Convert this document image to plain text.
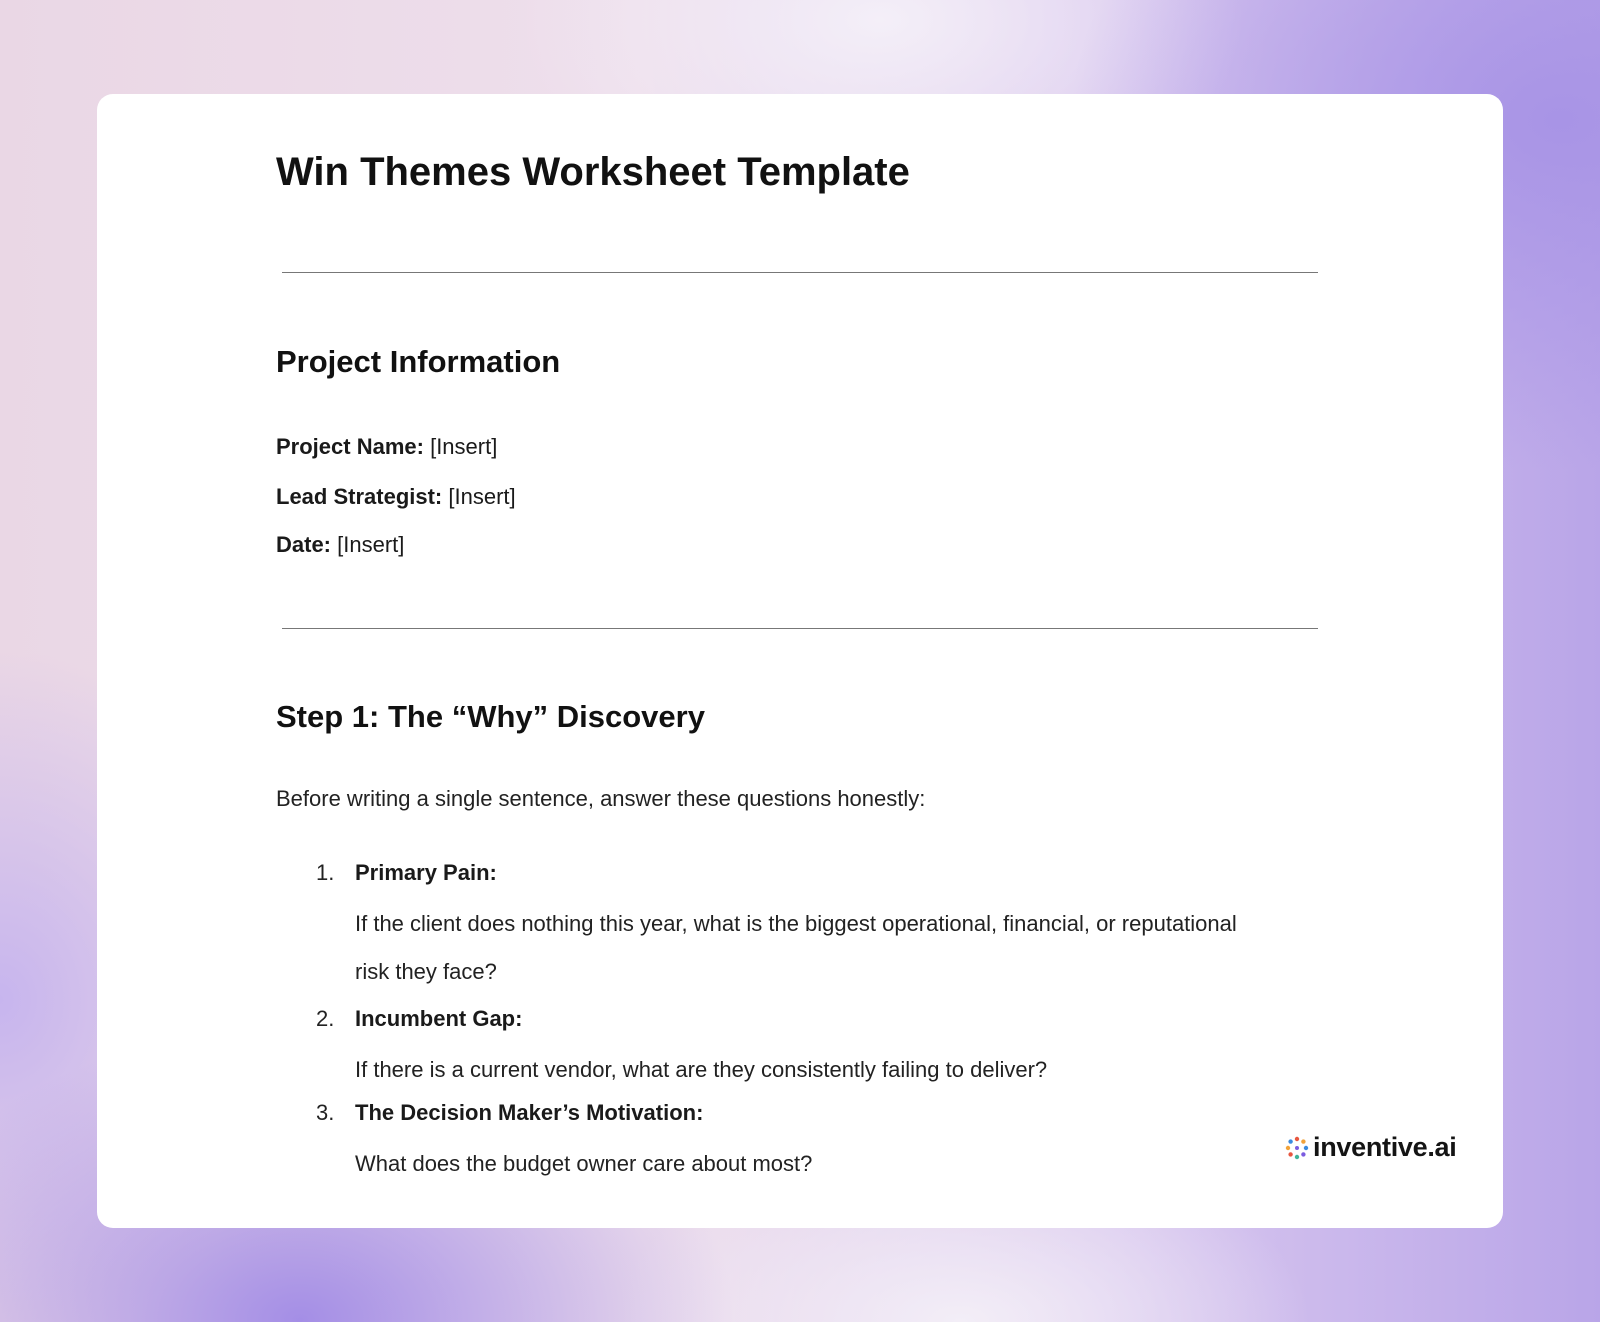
Win Themes Worksheet Template
Project Information
Project Name: [Insert]
Lead Strategist: [Insert]
Date: [Insert]
Step 1: The “Why” Discovery
Before writing a single sentence, answer these questions honestly:
1. Primary Pain:
If the client does nothing this year, what is the biggest operational, financial, or reputational risk they face?
2. Incumbent Gap:
If there is a current vendor, what are they consistently failing to deliver?
3. The Decision Maker’s Motivation:
What does the budget owner care about most?
inventive.ai
